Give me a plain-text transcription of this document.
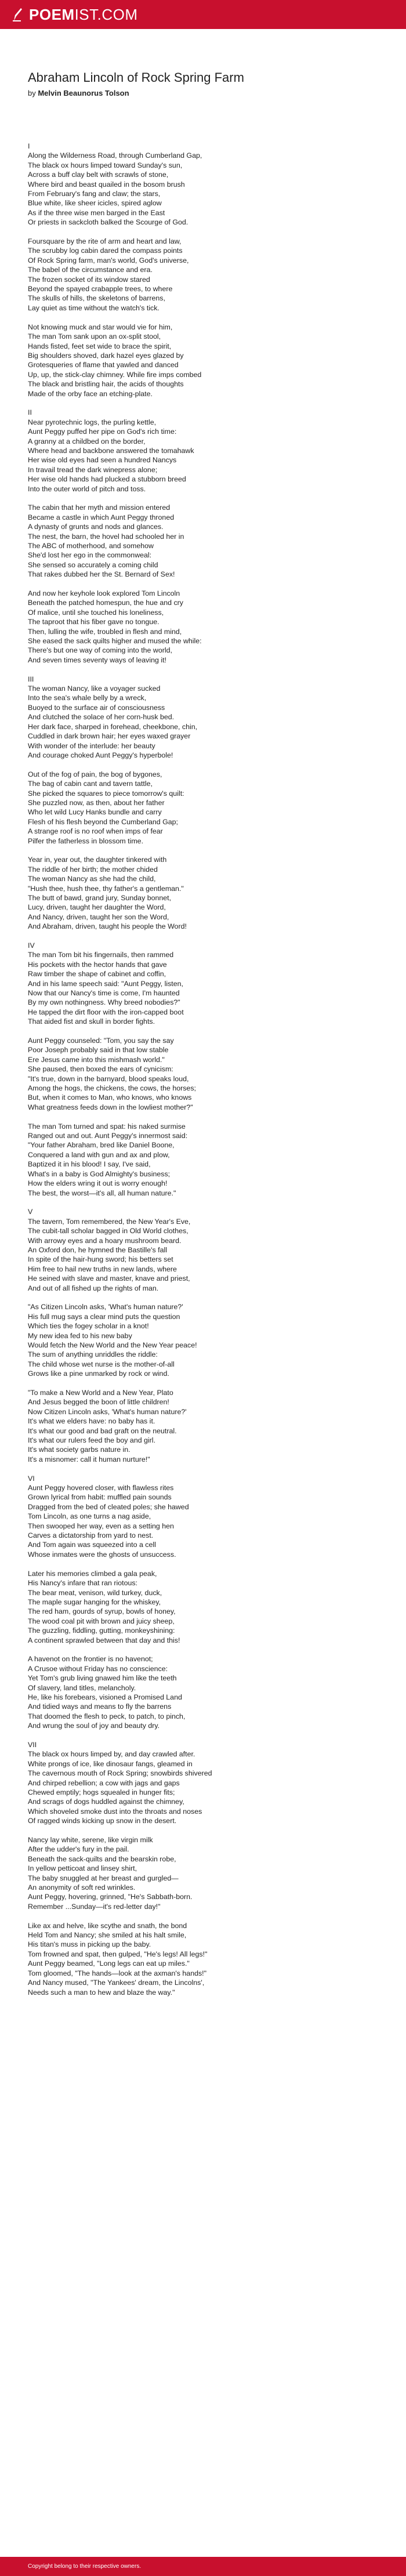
POEMIST.COM
Abraham Lincoln of Rock Spring Farm
by Melvin Beaunorus Tolson
I
Along the Wilderness Road, through Cumberland Gap,
The black ox hours limped toward Sunday's sun,
Across a buff clay belt with scrawls of stone,
Where bird and beast quailed in the bosom brush
From February's fang and claw; the stars,
Blue white, like sheer icicles, spired aglow
As if the three wise men barged in the East
Or priests in sackcloth balked the Scourge of God.
Foursquare by the rite of arm and heart and law,
The scrubby log cabin dared the compass points
Of Rock Spring farm, man's world, God's universe,
The babel of the circumstance and era.
The frozen socket of its window stared
Beyond the spayed crabapple trees, to where
The skulls of hills, the skeletons of barrens,
Lay quiet as time without the watch's tick.
Not knowing muck and star would vie for him,
The man Tom sank upon an ox-split stool,
Hands fisted, feet set wide to brace the spirit,
Big shoulders shoved, dark hazel eyes glazed by
Grotesqueries of flame that yawled and danced
Up, up, the stick-clay chimney. While fire imps combed
The black and bristling hair, the acids of thoughts
Made of the orby face an etching-plate.
II
Near pyrotechnic logs, the purling kettle,
Aunt Peggy puffed her pipe on God's rich time:
A granny at a childbed on the border,
Where head and backbone answered the tomahawk
Her wise old eyes had seen a hundred Nancys
In travail tread the dark winepress alone;
Her wise old hands had plucked a stubborn breed
Into the outer world of pitch and toss.
The cabin that her myth and mission entered
Became a castle in which Aunt Peggy throned
A dynasty of grunts and nods and glances.
The nest, the barn, the hovel had schooled her in
The ABC of motherhood, and somehow
She'd lost her ego in the commonweal:
She sensed so accurately a coming child
That rakes dubbed her the St. Bernard of Sex!
And now her keyhole look explored Tom Lincoln
Beneath the patched homespun, the hue and cry
Of malice, until she touched his loneliness,
The taproot that his fiber gave no tongue.
Then, lulling the wife, troubled in flesh and mind,
She eased the sack quilts higher and mused the while:
There's but one way of coming into the world,
And seven times seventy ways of leaving it!
III
The woman Nancy, like a voyager sucked
Into the sea's whale belly by a wreck,
Buoyed to the surface air of consciousness
And clutched the solace of her corn-husk bed.
Her dark face, sharped in forehead, cheekbone, chin,
Cuddled in dark brown hair; her eyes waxed grayer
With wonder of the interlude: her beauty
And courage choked Aunt Peggy's hyperbole!
Out of the fog of pain, the bog of bygones,
The bag of cabin cant and tavern tattle,
She picked the squares to piece tomorrow's quilt:
She puzzled now, as then, about her father
Who let wild Lucy Hanks bundle and carry
Flesh of his flesh beyond the Cumberland Gap;
A strange roof is no roof when imps of fear
Pilfer the fatherless in blossom time.
Year in, year out, the daughter tinkered with
The riddle of her birth; the mother chided
The woman Nancy as she had the child,
"Hush thee, hush thee, thy father's a gentleman."
The butt of bawd, grand jury, Sunday bonnet,
Lucy, driven, taught her daughter the Word,
And Nancy, driven, taught her son the Word,
And Abraham, driven, taught his people the Word!
IV
The man Tom bit his fingernails, then rammed
His pockets with the hector hands that gave
Raw timber the shape of cabinet and coffin,
And in his lame speech said: "Aunt Peggy, listen,
Now that our Nancy's time is come, I'm haunted
By my own nothingness. Why breed nobodies?"
He tapped the dirt floor with the iron-capped boot
That aided fist and skull in border fights.
Aunt Peggy counseled: "Tom, you say the say
Poor Joseph probably said in that low stable
Ere Jesus came into this mishmash world."
She paused, then boxed the ears of cynicism:
"It's true, down in the barnyard, blood speaks loud,
Among the hogs, the chickens, the cows, the horses;
But, when it comes to Man, who knows, who knows
What greatness feeds down in the lowliest mother?"
The man Tom turned and spat: his naked surmise
Ranged out and out. Aunt Peggy's innermost said:
"Your father Abraham, bred like Daniel Boone,
Conquered a land with gun and ax and plow,
Baptized it in his blood! I say, I've said,
What's in a baby is God Almighty's business;
How the elders wring it out is worry enough!
The best, the worst—it's all, all human nature."
V
The tavern, Tom remembered, the New Year's Eve,
The cubit-tall scholar bagged in Old World clothes,
With arrowy eyes and a hoary mushroom beard.
An Oxford don, he hymned the Bastille's fall
In spite of the hair-hung sword; his betters set
Him free to hail new truths in new lands, where
He seined with slave and master, knave and priest,
And out of all fished up the rights of man.
"As Citizen Lincoln asks, 'What's human nature?'
His full mug says a clear mind puts the question
Which ties the fogey scholar in a knot!
My new idea fed to his new baby
Would fetch the New World and the New Year peace!
The sum of anything unriddles the riddle:
The child whose wet nurse is the mother-of-all
Grows like a pine unmarked by rock or wind.
"To make a New World and a New Year, Plato
And Jesus begged the boon of little children!
Now Citizen Lincoln asks, 'What's human nature?'
It's what we elders have: no baby has it.
It's what our good and bad graft on the neutral.
It's what our rulers feed the boy and girl.
It's what society garbs nature in.
It's a misnomer: call it human nurture!"
VI
Aunt Peggy hovered closer, with flawless rites
Grown lyrical from habit: muffled pain sounds
Dragged from the bed of cleated poles; she hawed
Tom Lincoln, as one turns a nag aside,
Then swooped her way, even as a setting hen
Carves a dictatorship from yard to nest.
And Tom again was squeezed into a cell
Whose inmates were the ghosts of unsuccess.
Later his memories climbed a gala peak,
His Nancy's infare that ran riotous:
The bear meat, venison, wild turkey, duck,
The maple sugar hanging for the whiskey,
The red ham, gourds of syrup, bowls of honey,
The wood coal pit with brown and juicy sheep,
The guzzling, fiddling, gutting, monkeyshining:
A continent sprawled between that day and this!
A havenot on the frontier is no havenot;
A Crusoe without Friday has no conscience:
Yet Tom's grub living gnawed him like the teeth
Of slavery, land titles, melancholy.
He, like his forebears, visioned a Promised Land
And tidied ways and means to fly the barrens
That doomed the flesh to peck, to patch, to pinch,
And wrung the soul of joy and beauty dry.
VII
The black ox hours limped by, and day crawled after.
White prongs of ice, like dinosaur fangs, gleamed in
The cavernous mouth of Rock Spring; snowbirds shivered
And chirped rebellion; a cow with jags and gaps
Chewed emptily; hogs squealed in hunger fits;
And scrags of dogs huddled against the chimney,
Which shoveled smoke dust into the throats and noses
Of ragged winds kicking up snow in the desert.
Nancy lay white, serene, like virgin milk
After the udder's fury in the pail.
Beneath the sack-quilts and the bearskin robe,
In yellow petticoat and linsey shirt,
The baby snuggled at her breast and gurgled—
An anonymity of soft red wrinkles.
Aunt Peggy, hovering, grinned, "He's Sabbath-born.
Remember ...Sunday—it's red-letter day!"
Like ax and helve, like scythe and snath, the bond
Held Tom and Nancy; she smiled at his halt smile,
His titan's muss in picking up the baby.
Tom frowned and spat, then gulped, "He's legs! All legs!"
Aunt Peggy beamed, "Long legs can eat up miles."
Tom gloomed, "The hands—look at the axman's hands!"
And Nancy mused, "The Yankees' dream, the Lincolns',
Needs such a man to hew and blaze the way."
Copyright belong to their respective owners.
